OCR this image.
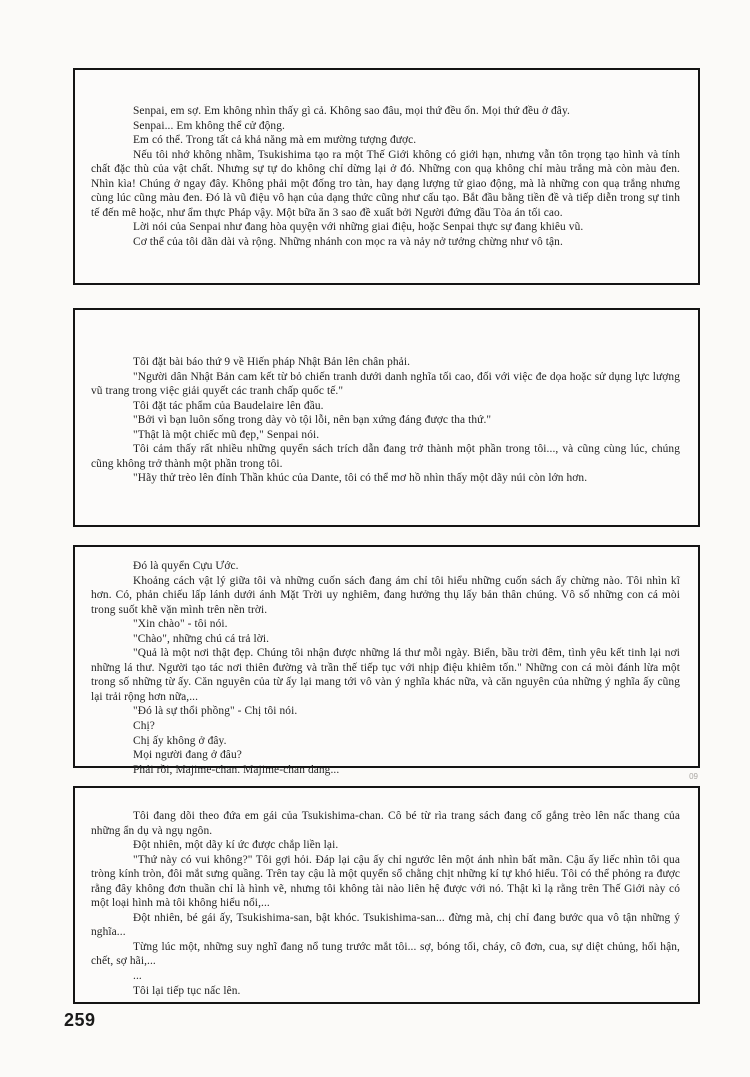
Senpai, em sợ. Em không nhìn thấy gì cả. Không sao đâu, mọi thứ đều ổn. Mọi thứ đều ở đây.

Senpai... Em không thể cử động.

Em có thể. Trong tất cả khả năng mà em mường tượng được.

Nếu tôi nhớ không nhầm, Tsukishima tạo ra một Thế Giới không có giới hạn, nhưng vẫn tôn trọng tạo hình và tính chất đặc thù của vật chất. Nhưng sự tự do không chỉ dừng lại ở đó. Những con quạ không chỉ màu trắng mà còn màu đen. Nhìn kìa! Chúng ở ngay đây. Không phải một đống tro tàn, hay dạng lượng tử giao động, mà là những con quạ trắng nhưng cùng lúc cũng màu đen. Đó là vũ điệu vô hạn của dạng thức cũng như cấu tạo. Bắt đầu bằng tiền đề và tiếp diễn trong sự tinh tế đến mê hoặc, như ẩm thực Pháp vậy. Một bữa ăn 3 sao đề xuất bởi Người đứng đầu Tòa án tối cao.

Lời nói của Senpai như đang hòa quyện với những giai điệu, hoặc Senpai thực sự đang khiêu vũ.

Cơ thể của tôi dãn dài và rộng. Những nhánh con mọc ra và nảy nở tưởng chừng như vô tận.

Tôi đặt bài báo thứ 9 về Hiến pháp Nhật Bản lên chân phải.

"Người dân Nhật Bản cam kết từ bỏ chiến tranh dưới danh nghĩa tối cao, đối với việc đe dọa hoặc sử dụng lực lượng vũ trang trong việc giải quyết các tranh chấp quốc tế."

Tôi đặt tác phẩm của Baudelaire lên đầu.

"Bởi vì bạn luôn sống trong dày vò tội lỗi, nên bạn xứng đáng được tha thứ."

"Thật là một chiếc mũ đẹp," Senpai nói.

Tôi cảm thấy rất nhiều những quyển sách trích dẫn đang trở thành một phần trong tôi..., và cũng cùng lúc, chúng cũng không trở thành một phần trong tôi.

"Hãy thử trèo lên đỉnh Thần khúc của Dante, tôi có thể mơ hồ nhìn thấy một dãy núi còn lớn hơn.

Đó là quyển Cựu Ước.

Khoảng cách vật lý giữa tôi và những cuốn sách đang ám chỉ tôi hiểu những cuốn sách ấy chừng nào. Tôi nhìn kĩ hơn. Có, phản chiếu lấp lánh dưới ánh Mặt Trời uy nghiêm, đang hưởng thụ lấy bản thân chúng. Vô số những con cá mòi trong suốt khẽ vặn mình trên nền trời.

"Xin chào" - tôi nói.

"Chào", những chú cá trả lời.

"Quả là một nơi thật đẹp. Chúng tôi nhận được những lá thư mỗi ngày. Biển, bầu trời đêm, tình yêu kết tinh lại nơi những lá thư. Người tạo tác nơi thiên đường và trần thế tiếp tục với nhịp điệu khiêm tốn." Những con cá mòi đánh lừa một trong số những từ ấy. Căn nguyên của từ ấy lại mang tới vô vàn ý nghĩa khác nữa, và căn nguyên của những ý nghĩa ấy cũng lại trải rộng hơn nữa,...

"Đó là sự thổi phồng" - Chị tôi nói.

Chị?

Chị ấy không ở đây.

Mọi người đang ở đâu?

Phải rồi, Majime-chan. Majime-chan đang...

09

Tôi đang dõi theo đứa em gái của Tsukishima-chan. Cô bé từ rìa trang sách đang cố gắng trèo lên nấc thang của những ẩn dụ và ngụ ngôn.

Đột nhiên, một dãy kí ức được chắp liền lại.

"Thứ này có vui không?" Tôi gợi hỏi. Đáp lại cậu ấy chỉ ngước lên một ánh nhìn bất mãn. Cậu ấy liếc nhìn tôi qua tròng kính tròn, đôi mắt sưng quầng. Trên tay cậu là một quyển sổ chằng chịt những kí tự khó hiểu. Tôi có thể phỏng ra được rằng đây không đơn thuần chỉ là hình vẽ, nhưng tôi không tài nào liên hệ được với nó. Thật kì lạ rằng trên Thế Giới này có một loại hình mà tôi không hiểu nổi,...

Đột nhiên, bé gái ấy, Tsukishima-san, bật khóc. Tsukishima-san... đừng mà, chị chỉ đang bước qua vô tận những ý nghĩa...

Từng lúc một, những suy nghĩ đang nổ tung trước mắt tôi... sợ, bóng tối, cháy, cô đơn, cua, sự diệt chủng, hối hận, chết, sợ hãi,...

...

Tôi lại tiếp tục nấc lên.

259
